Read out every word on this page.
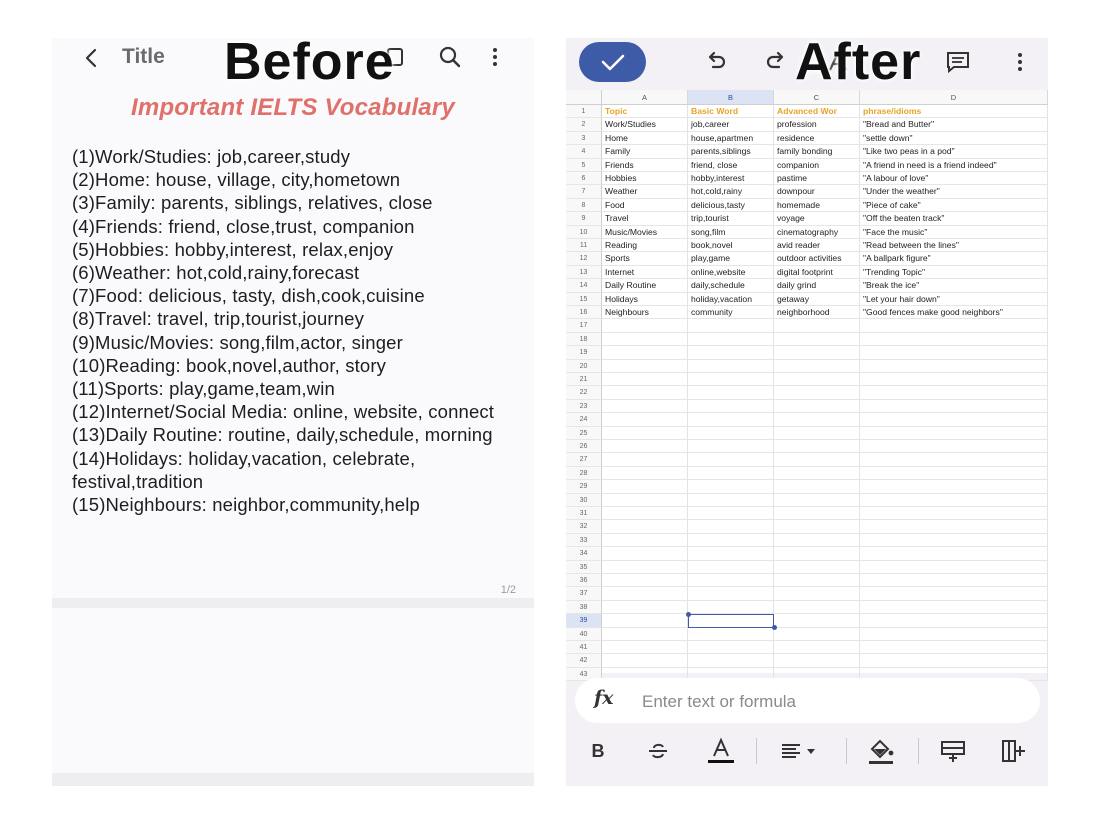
Title
Important IELTS Vocabulary
(1)Work/Studies: job,career,study
(2)Home: house, village, city,hometown
(3)Family: parents, siblings, relatives, close
(4)Friends: friend, close,trust, companion
(5)Hobbies: hobby,interest, relax,enjoy
(6)Weather: hot,cold,rainy,forecast
(7)Food: delicious, tasty, dish,cook,cuisine
(8)Travel: travel, trip,tourist,journey
(9)Music/Movies: song,film,actor, singer
(10)Reading: book,novel,author, story
(11)Sports: play,game,team,win
(12)Internet/Social Media: online, website, connect
(13)Daily Routine: routine, daily,schedule, morning
(14)Holidays: holiday,vacation, celebrate, festival,tradition
(15)Neighbours: neighbor,community,help
1/2
A	B	C	D
1	Topic	Basic Word	Advanced Wor	phrase/idioms
2	Work/Studies	job,career	profession	"Bread and Butter"
3	Home	house,apartmen	residence	"settle down"
4	Family	parents,siblings	family bonding	"Like two peas in a pod"
5	Friends	friend, close	companion	"A friend in need is a friend indeed"
6	Hobbies	hobby,interest	pastime	"A labour of love"
7	Weather	hot,cold,rainy	downpour	"Under the weather"
8	Food	delicious,tasty	homemade	"Piece of cake"
9	Travel	trip,tourist	voyage	"Off the beaten track"
10	Music/Movies	song,film	cinematography	"Face the music"
11	Reading	book,novel	avid reader	"Read between the lines"
12	Sports	play,game	outdoor activities	"A ballpark figure"
13	Internet	online,website	digital footprint	"Trending Topic"
14	Daily Routine	daily,schedule	daily grind	"Break the ice"
15	Holidays	holiday,vacation	getaway	"Let your hair down"
16	Neighbours	community	neighborhood	"Good fences make good neighbors"
17
18
19
20
21
22
23
24
25
26
27
28
29
30
31
32
33
34
35
36
37
38
39
40
41
42
43
fx
Enter text or formula
B
Before	After
